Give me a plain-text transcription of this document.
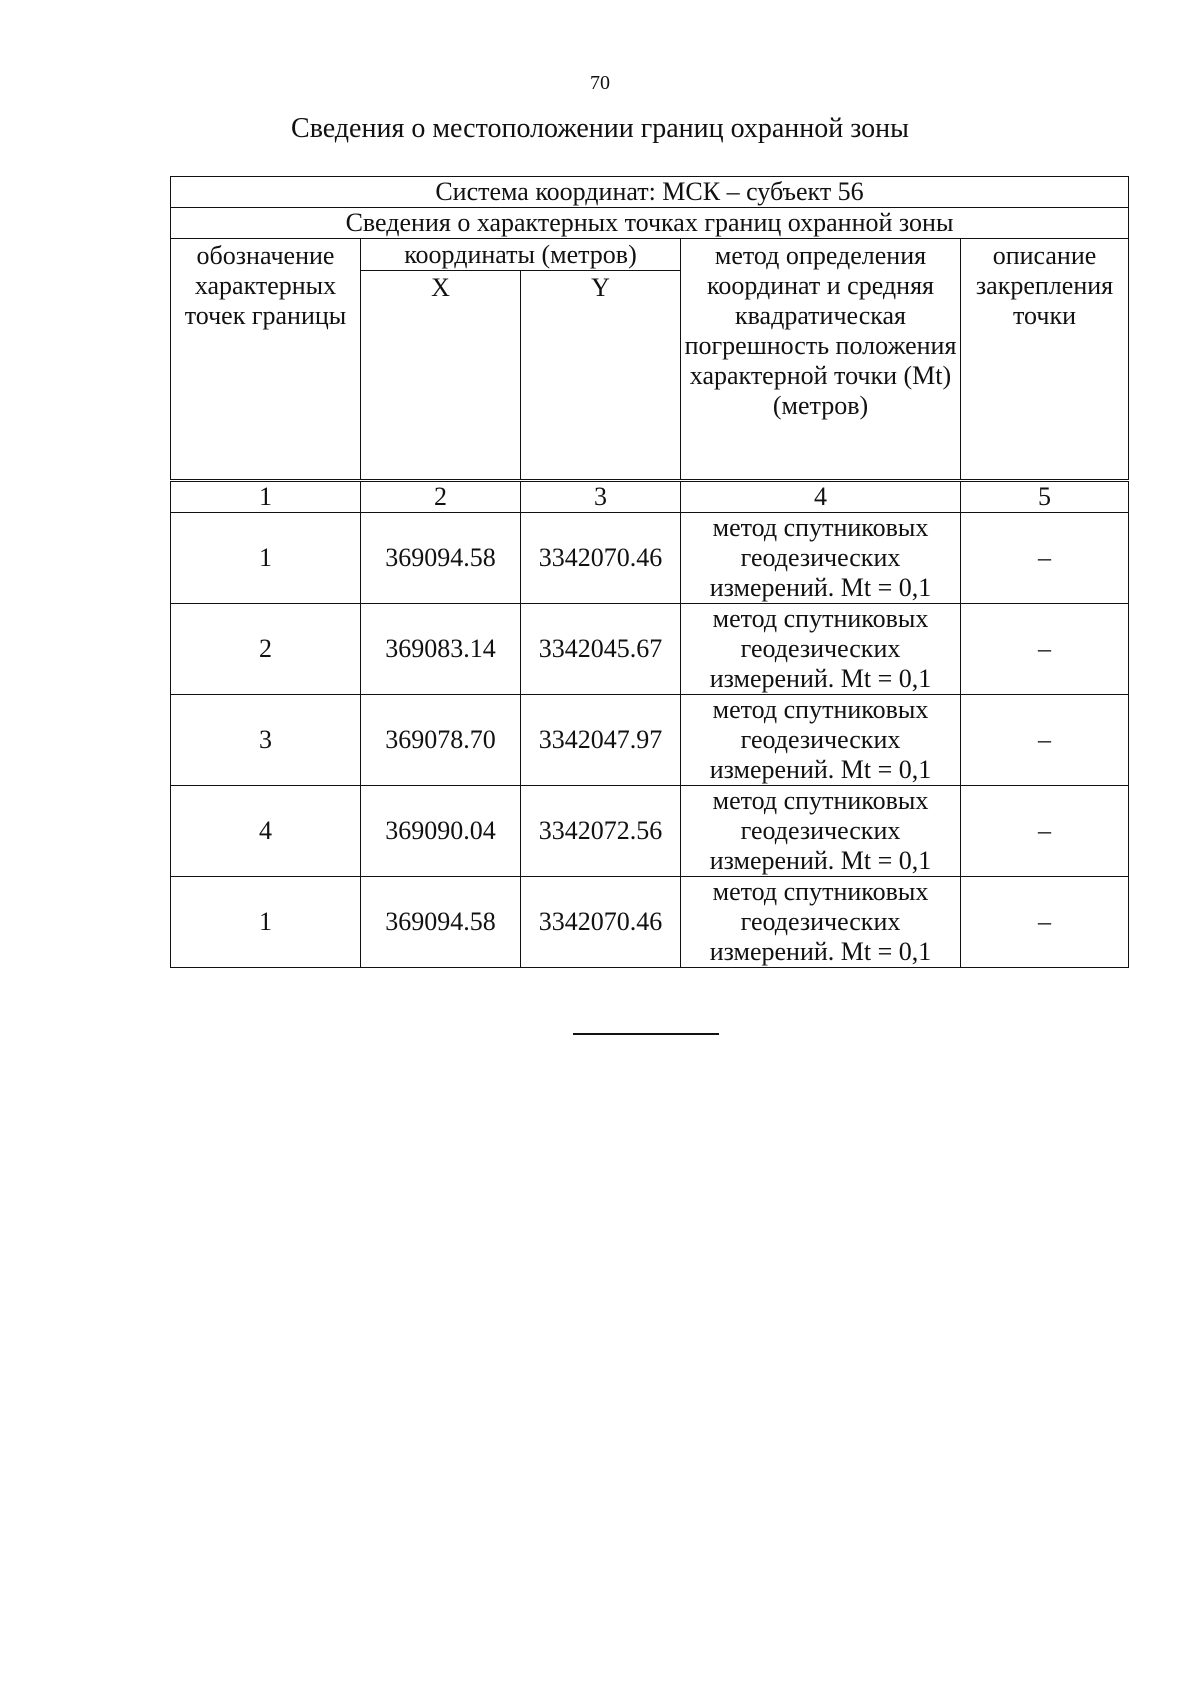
70
Сведения о местоположении границ охранной зоны
Система координат: МСК – субъект 56				
Сведения о характерных точках границ охранной зоны				
обозначение характерных точек границы	координаты (метров)		метод определения координат и средняя квадратическая погрешность положения характерной точки (Mt) (метров)	описание закрепления точки
	X	Y		
1	2	3	4	5
1	369094.58	3342070.46	метод спутниковых геодезических измерений. Mt = 0,1	–
2	369083.14	3342045.67	метод спутниковых геодезических измерений. Mt = 0,1	–
3	369078.70	3342047.97	метод спутниковых геодезических измерений. Mt = 0,1	–
4	369090.04	3342072.56	метод спутниковых геодезических измерений. Mt = 0,1	–
1	369094.58	3342070.46	метод спутниковых геодезических измерений. Mt = 0,1	–
